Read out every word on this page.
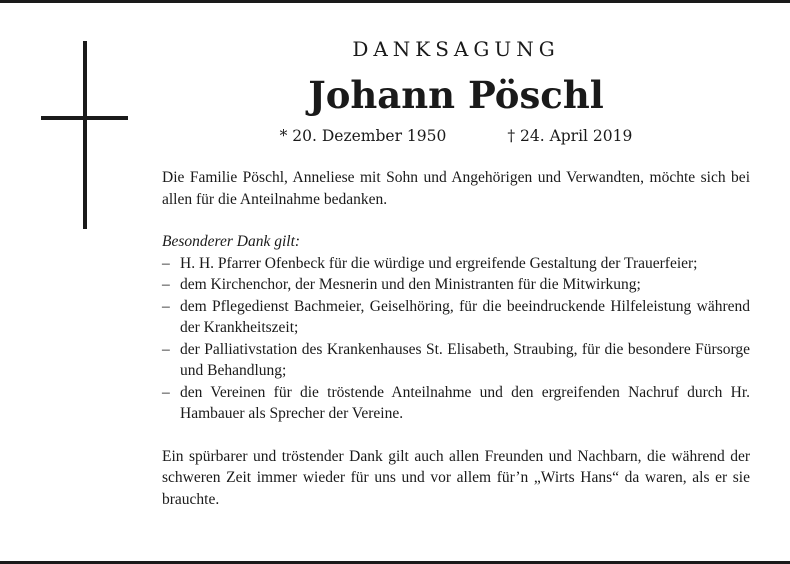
DANKSAGUNG
Johann Pöschl
* 20. Dezember 1950	† 24. April 2019

Die Familie Pöschl, Anneliese mit Sohn und Angehörigen und Verwandten, möchte sich bei allen für die Anteilnahme bedanken.

Besonderer Dank gilt:

– H. H. Pfarrer Ofenbeck für die würdige und ergreifende Gestaltung der Trauerfeier;
– dem Kirchenchor, der Mesnerin und den Ministranten für die Mitwirkung;
– dem Pflegedienst Bachmeier, Geiselhöring, für die beeindruckende Hilfeleistung während der Krankheitszeit;
– der Palliativstation des Krankenhauses St. Elisabeth, Straubing, für die besondere Fürsorge und Behandlung;
– den Vereinen für die tröstende Anteilnahme und den ergreifenden Nachruf durch Hr. Hambauer als Sprecher der Vereine.

Ein spürbarer und tröstender Dank gilt auch allen Freunden und Nachbarn, die während der schweren Zeit immer wieder für uns und vor allem für’n „Wirts Hans“ da waren, als er sie brauchte.
